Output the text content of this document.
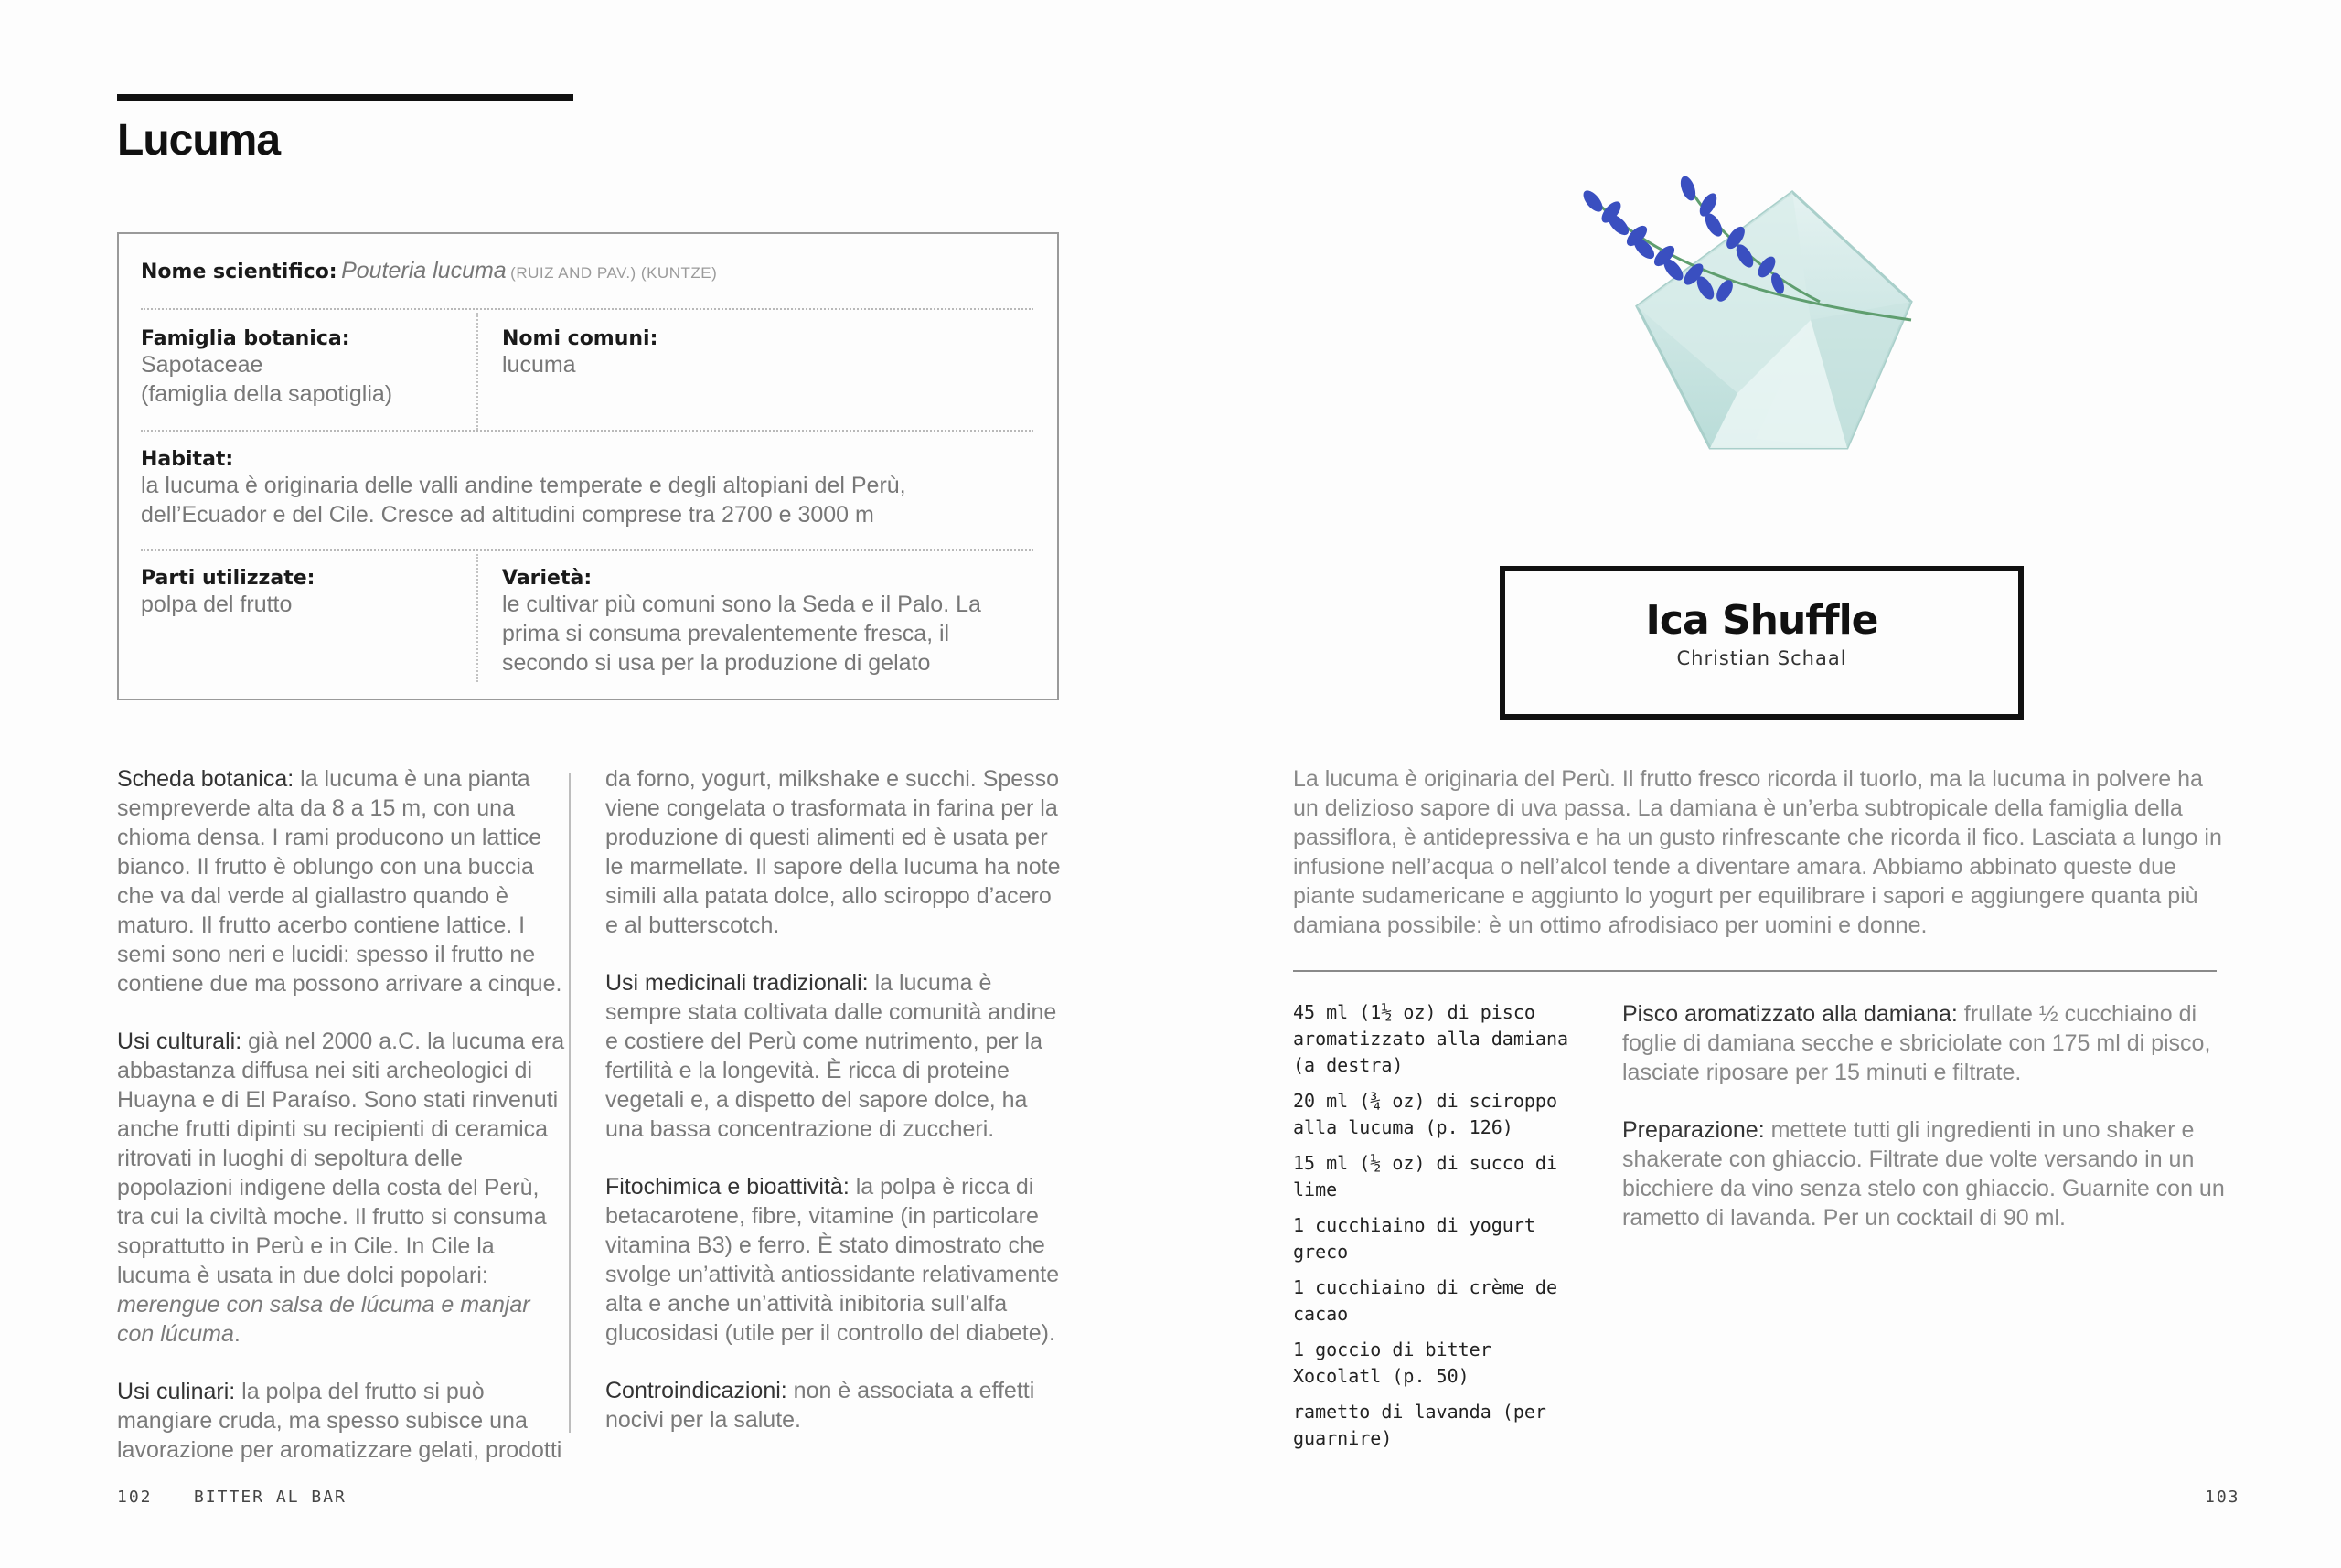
Lucuma
Nome scientifico: Pouteria lucuma (RUIZ AND PAV.) (KUNTZE)
Famiglia botanica:
Sapotaceae
(famiglia della sapotiglia)
Nomi comuni:
lucuma
Habitat:
la lucuma è originaria delle valli andine temperate e degli altopiani del Perù,
dell’Ecuador e del Cile. Cresce ad altitudini comprese tra 2700 e 3000 m
Parti utilizzate:
polpa del frutto
Varietà:
le cultivar più comuni sono la Seda e il Palo. La
prima si consuma prevalentemente fresca, il
secondo si usa per la produzione di gelato

Scheda botanica: la lucuma è una pianta sempreverde alta da 8 a 15 m, con una chioma densa. I rami producono un lattice bianco. Il frutto è oblungo con una buccia che va dal verde al giallastro quando è maturo. Il frutto acerbo contiene lattice. I semi sono neri e lucidi: spesso il frutto ne contiene due ma possono arrivare a cinque.

Usi culturali: già nel 2000 a.C. la lucuma era abbastanza diffusa nei siti archeologici di Huayna e di El Paraíso. Sono stati rinvenuti anche frutti dipinti su recipienti di ceramica ritrovati in luoghi di sepoltura delle popolazioni indigene della costa del Perù, tra cui la civiltà moche. Il frutto si consuma soprattutto in Perù e in Cile. In Cile la lucuma è usata in due dolci popolari: merengue con salsa de lúcuma e manjar con lúcuma.

Usi culinari: la polpa del frutto si può mangiare cruda, ma spesso subisce una lavorazione per aromatizzare gelati, prodotti

da forno, yogurt, milkshake e succhi. Spesso viene congelata o trasformata in farina per la produzione di questi alimenti ed è usata per le marmellate. Il sapore della lucuma ha note simili alla patata dolce, allo sciroppo d’acero e al butterscotch.

Usi medicinali tradizionali: la lucuma è sempre stata coltivata dalle comunità andine e costiere del Perù come nutrimento, per la fertilità e la longevità. È ricca di proteine vegetali e, a dispetto del sapore dolce, ha una bassa concentrazione di zuccheri.

Fitochimica e bioattività: la polpa è ricca di betacarotene, fibre, vitamine (in particolare vitamina B3) e ferro. È stato dimostrato che svolge un’attività antiossidante relativamente alta e anche un’attività inibitoria sull’alfa glucosidasi (utile per il controllo del diabete).

Controindicazioni: non è associata a effetti nocivi per la salute.

102	BITTER AL BAR
Ica Shuffle
Christian Schaal
La lucuma è originaria del Perù. Il frutto fresco ricorda il tuorlo, ma la lucuma in polvere ha un delizioso sapore di uva passa. La damiana è un’erba subtropicale della famiglia della passiflora, è antidepressiva e ha un gusto rinfrescante che ricorda il fico. Lasciata a lungo in infusione nell’acqua o nell’alcol tende a diventare amara. Abbiamo abbinato queste due piante sudamericane e aggiunto lo yogurt per equilibrare i sapori e aggiungere quanta più damiana possibile: è un ottimo afrodisiaco per uomini e donne.
45 ml (1½ oz) di pisco aromatizzato alla damiana (a destra)
20 ml (¾ oz) di sciroppo alla lucuma (p. 126)
15 ml (½ oz) di succo di lime
1 cucchiaino di yogurt greco
1 cucchiaino di crème de cacao
1 goccio di bitter Xocolatl (p. 50)
rametto di lavanda (per guarnire)

Pisco aromatizzato alla damiana: frullate ½ cucchiaino di foglie di damiana secche e sbriciolate con 175 ml di pisco, lasciate riposare per 15 minuti e filtrate.

Preparazione: mettete tutti gli ingredienti in uno shaker e shakerate con ghiaccio. Filtrate due volte versando in un bicchiere da vino senza stelo con ghiaccio. Guarnite con un rametto di lavanda. Per un cocktail di 90 ml.

103
